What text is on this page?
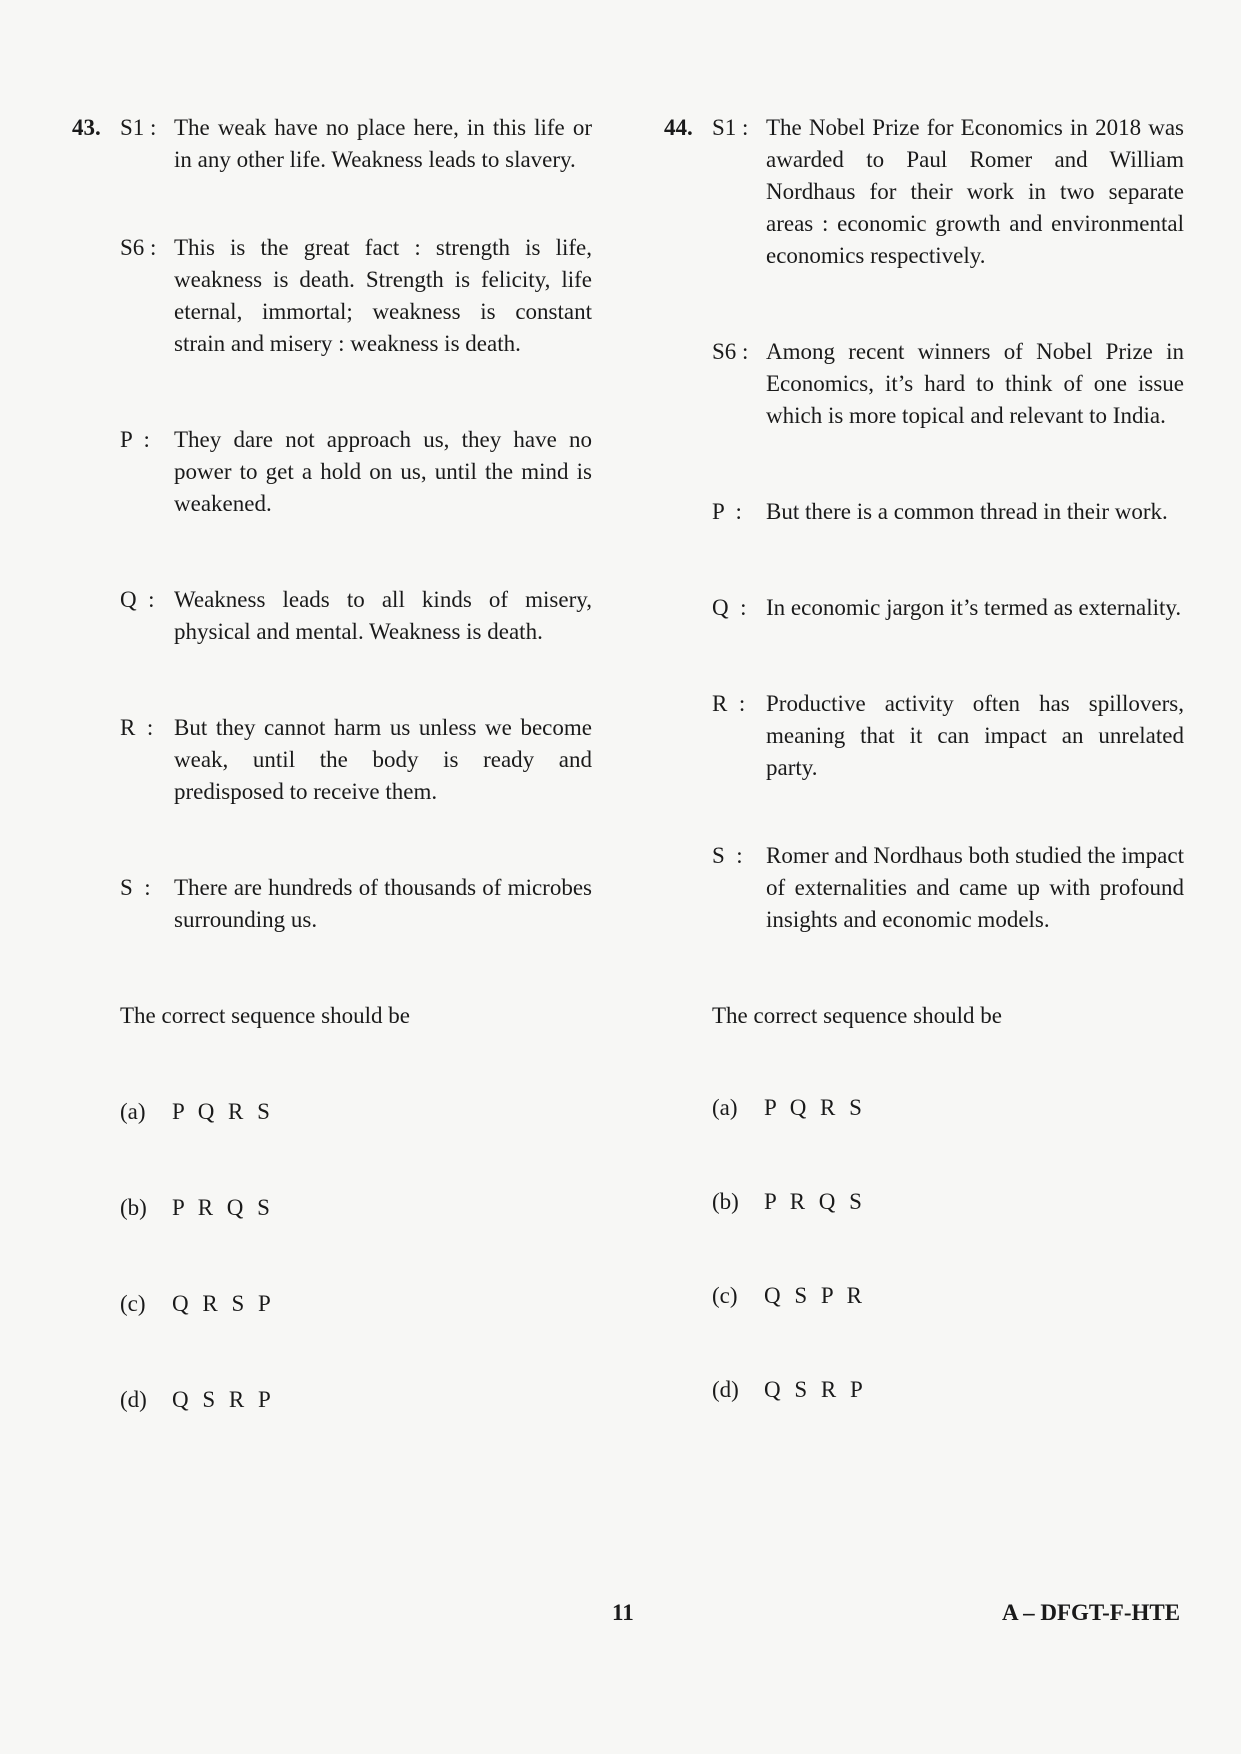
43. S1 : The weak have no place here, in this life or in any other life. Weakness leads to slavery.
S6 : This is the great fact : strength is life, weakness is death. Strength is felicity, life eternal, immortal; weakness is constant strain and misery : weakness is death.
P  :	They dare not approach us, they have no power to get a hold on us, until the mind is weakened.
Q  : Weakness leads to all kinds of misery, physical and mental. Weakness is death.
R  : But they cannot harm us unless we become weak, until the body is ready and predisposed to receive them.
S  :	There are hundreds of thousands of microbes surrounding us.
The correct sequence should be
(a)	P Q R S
(b)	P R Q S
(c)	Q R S P
(d)	Q S R P
44. S1 : The Nobel Prize for Economics in 2018 was awarded to Paul Romer and William Nordhaus for their work in two separate areas : economic growth and environmental economics respectively.
S6 : Among recent winners of Nobel Prize in Economics, it’s hard to think of one issue which is more topical and relevant to India.
P  :	But there is a common thread in their work.
Q  : In economic jargon it’s termed as externality.
R  : Productive activity often has spillovers, meaning that it can impact an unrelated party.
S  :	Romer and Nordhaus both studied the impact of externalities and came up with profound insights and economic models.
The correct sequence should be
(a)	P Q R S
(b)	P R Q S
(c)	Q S P R
(d)	Q S R P
11	A – DFGT-F-HTE
